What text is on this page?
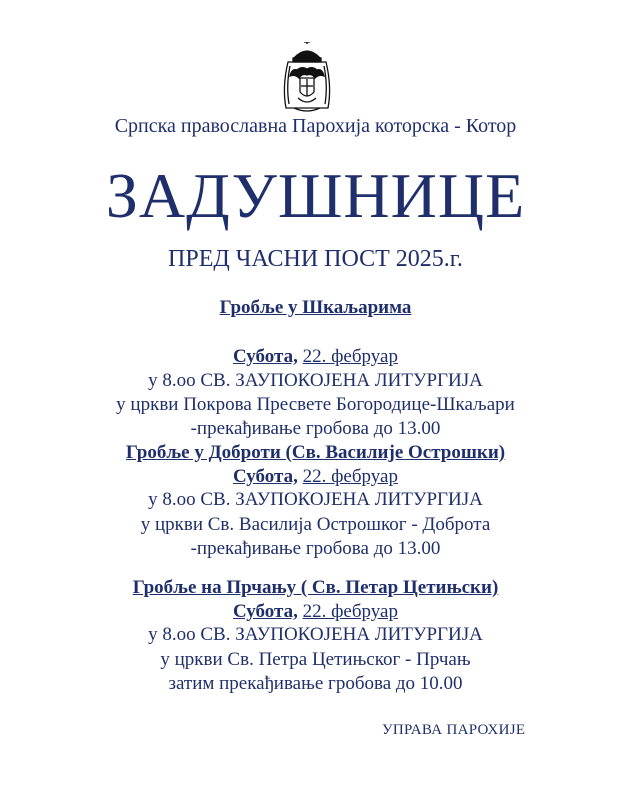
Српска православна Парохија которска - Котор
ЗАДУШНИЦЕ
ПРЕД ЧАСНИ ПОСТ 2025.г.
Гробље у Шкаљарима
Субота, 22. фебруар
у 8.оо СВ. ЗАУПОКОЈЕНА ЛИТУРГИЈА
у цркви Покрова Пресвете Богородице-Шкаљари
-прекађивање гробова до 13.00
Гробље у Доброти (Св. Василије Острошки)
Субота, 22. фебруар
у 8.оо СВ. ЗАУПОКОЈЕНА ЛИТУРГИЈА
у цркви Св. Василија Острошког - Доброта
-прекађивање гробова до 13.00
Гробље на Прчању ( Св. Петар Цетињски)
Субота, 22. фебруар
у 8.оо СВ. ЗАУПОКОЈЕНА ЛИТУРГИЈА
у цркви Св. Петра Цетињског - Прчањ
затим прекађивање гробова до 10.00
УПРАВА ПАРОХИЈЕ
